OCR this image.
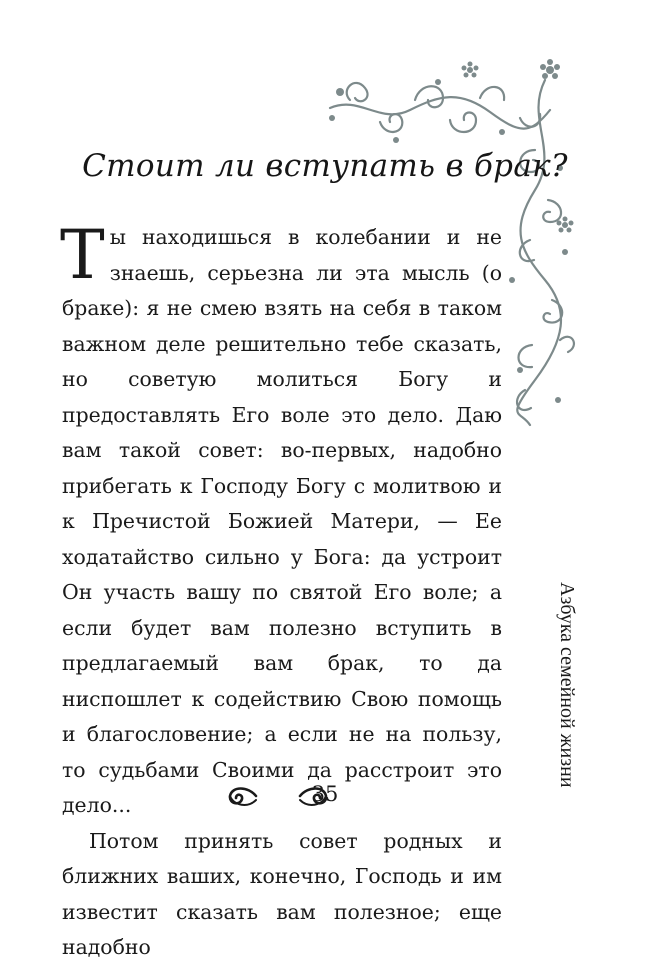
Стоит ли вступать в брак?

Ты находишься в колебании и не знаешь, серьезна ли эта мысль (о браке): я не смею взять на себя в таком важном деле решительно тебе сказать, но советую молиться Богу и предоставлять Его воле это дело. Даю вам такой совет: во-первых, надобно прибегать к Господу Богу с молитвою и к Пречистой Божией Матери, — Ее ходатайство сильно у Бога: да устроит Он участь вашу по святой Его воле; а если будет вам полезно вступить в предлагаемый вам брак, то да ниспошлет к содействию Свою помощь и благословение; а если не на пользу, то судьбами Своими да расстроит это дело...

Потом принять совет родных и ближних ваших, конечно, Господь и им известит сказать вам полезное; еще надобно

Азбука семейной жизни
35
